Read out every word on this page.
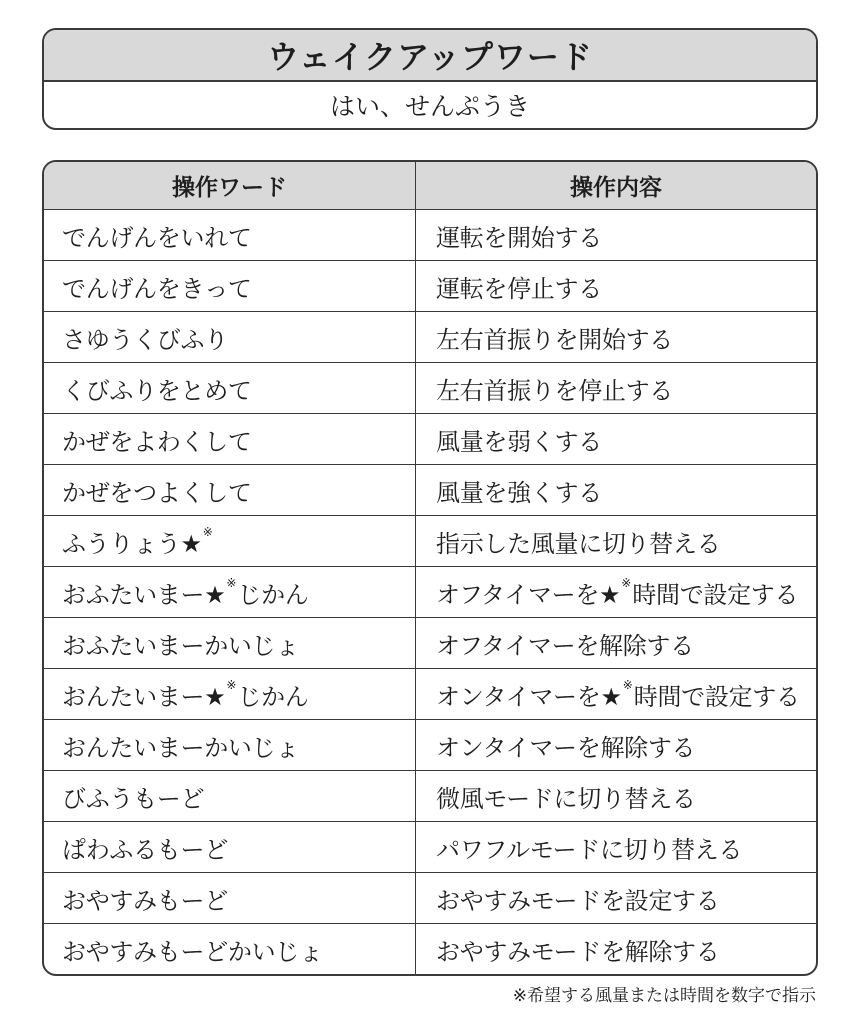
ウェイクアップワード
はい、せんぷうき
操作ワード	操作内容
でんげんをいれて	運転を開始する
でんげんをきって	運転を停止する
さゆうくびふり	左右首振りを開始する
くびふりをとめて	左右首振りを停止する
かぜをよわくして	風量を弱くする
かぜをつよくして	風量を強くする
ふうりょう★ ※	指示した風量に切り替える
おふたいまー★ ※ じかん	オフタイマーを★ ※ 時間で設定する
おふたいまーかいじょ	オフタイマーを解除する
おんたいまー★ ※ じかん	オンタイマーを★ ※ 時間で設定する
おんたいまーかいじょ	オンタイマーを解除する
びふうもーど	微風モードに切り替える
ぱわふるもーど	パワフルモードに切り替える
おやすみもーど	おやすみモードを設定する
おやすみもーどかいじょ	おやすみモードを解除する
※希望する風量または時間を数字で指示
